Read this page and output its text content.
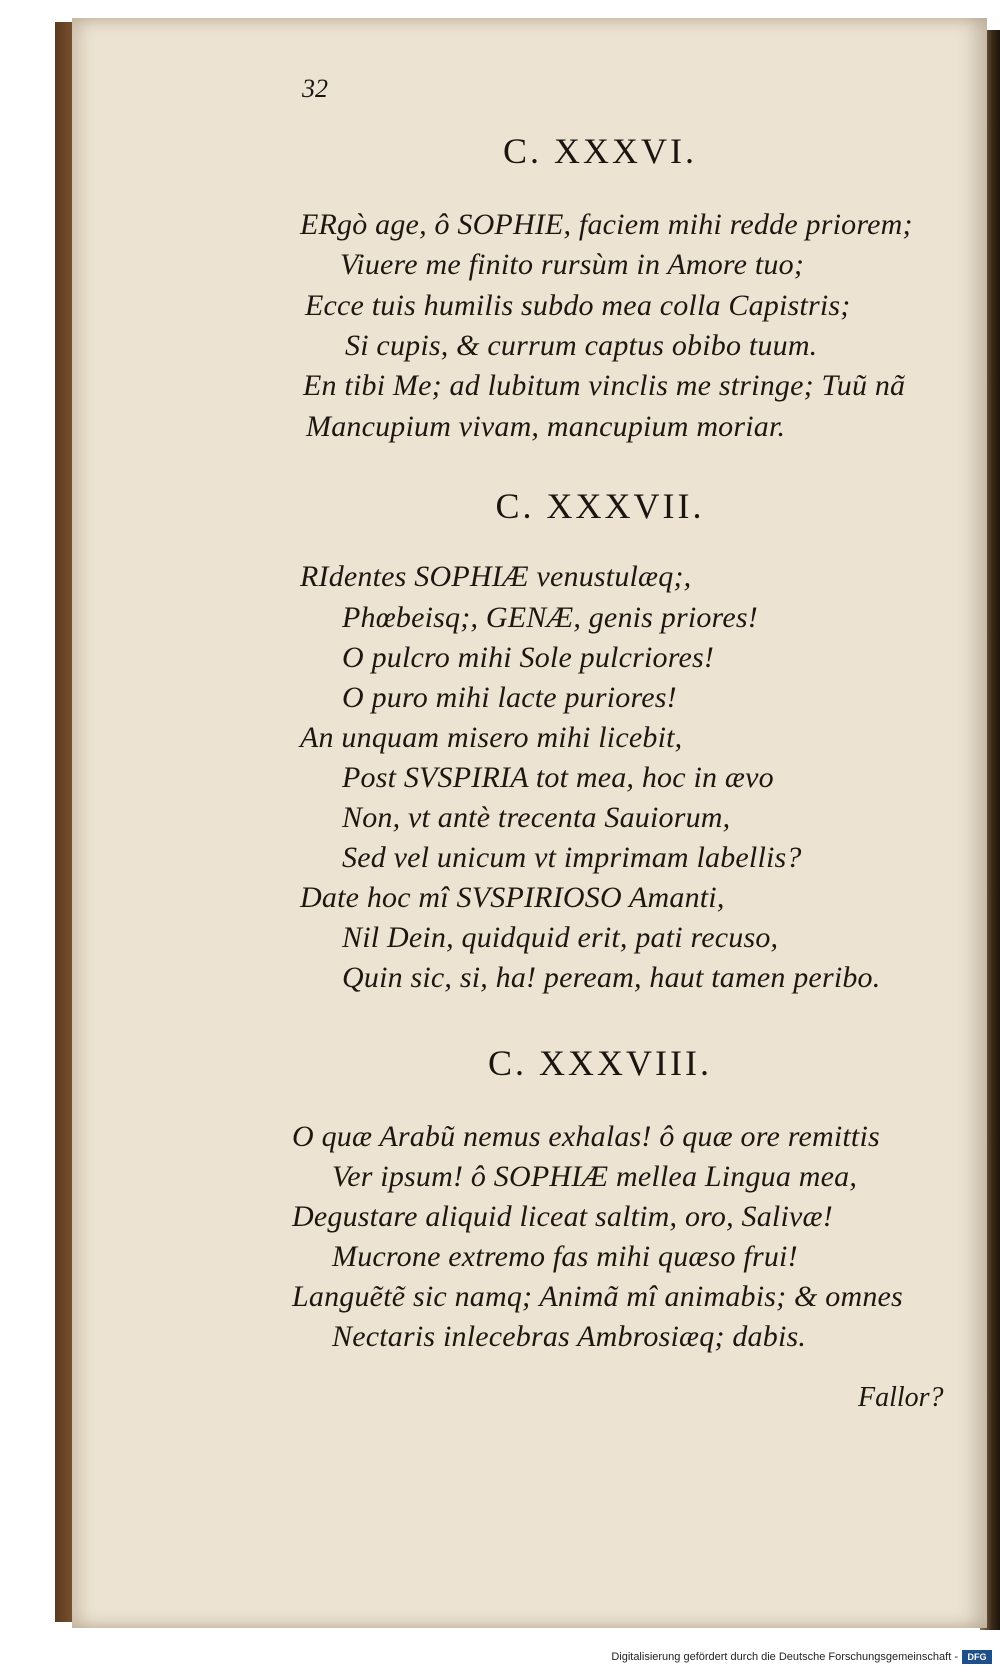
32
C. XXXVI.
ERgò age, ô SOPHIE, faciem mihi redde priorem;
Viuere me finito rursùm in Amore tuo;
Ecce tuis humilis subdo mea colla Capistris;
Si cupis, & currum captus obibo tuum.
En tibi Me; ad lubitum vinclis me stringe; Tuũ nã
Mancupium vivam, mancupium moriar.
C. XXXVII.
RIdentes SOPHIÆ venustulæq;,
Phœbeisq;, GENÆ, genis priores!
O pulcro mihi Sole pulcriores!
O puro mihi lacte puriores!
An unquam misero mihi licebit,
Post SVSPIRIA tot mea, hoc in ævo
Non, vt antè trecenta Sauiorum,
Sed vel unicum vt imprimam labellis?
Date hoc mî SVSPIRIOSO Amanti,
Nil Dein, quidquid erit, pati recuso,
Quin sic, si, ha! peream, haut tamen peribo.
C. XXXVIII.
O quæ Arabũ nemus exhalas! ô quæ ore remittis
Ver ipsum! ô SOPHIÆ mellea Lingua mea,
Degustare aliquid liceat saltim, oro, Salivæ!
Mucrone extremo fas mihi quæso frui!
Languẽtẽ sic namq; Animã mî animabis; & omnes
Nectaris inlecebras Ambrosiæq; dabis.
Fallor?
Digitalisierung gefördert durch die Deutsche Forschungsgemeinschaft -	DFG
